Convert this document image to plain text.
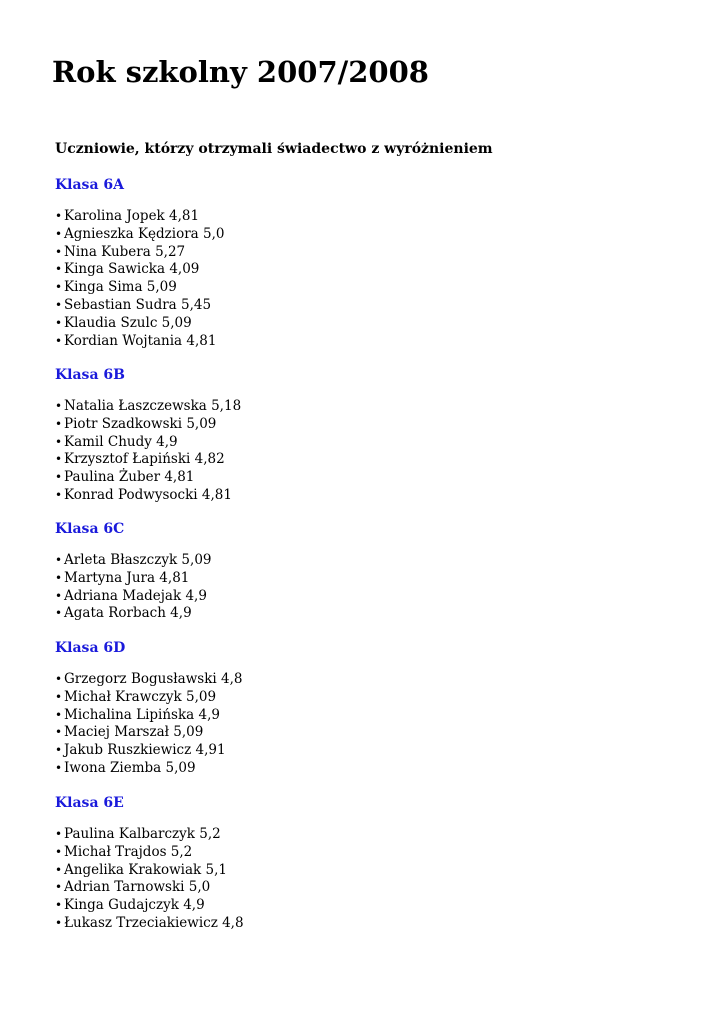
Rok szkolny 2007/2008

Uczniowie, którzy otrzymali świadectwo z wyróżnieniem

Klasa 6A
• Karolina Jopek 4,81
• Agnieszka Kędziora 5,0
• Nina Kubera 5,27
• Kinga Sawicka 4,09
• Kinga Sima 5,09
• Sebastian Sudra 5,45
• Klaudia Szulc 5,09
• Kordian Wojtania 4,81
Klasa 6B
• Natalia Łaszczewska 5,18
• Piotr Szadkowski 5,09
• Kamil Chudy 4,9
• Krzysztof Łapiński 4,82
• Paulina Żuber 4,81
• Konrad Podwysocki 4,81
Klasa 6C
• Arleta Błaszczyk 5,09
• Martyna Jura 4,81
• Adriana Madejak 4,9
• Agata Rorbach 4,9
Klasa 6D
• Grzegorz Bogusławski 4,8
• Michał Krawczyk 5,09
• Michalina Lipińska 4,9
• Maciej Marszał 5,09
• Jakub Ruszkiewicz 4,91
• Iwona Ziemba 5,09
Klasa 6E
• Paulina Kalbarczyk 5,2
• Michał Trajdos 5,2
• Angelika Krakowiak 5,1
• Adrian Tarnowski 5,0
• Kinga Gudajczyk 4,9
• Łukasz Trzeciakiewicz 4,8
